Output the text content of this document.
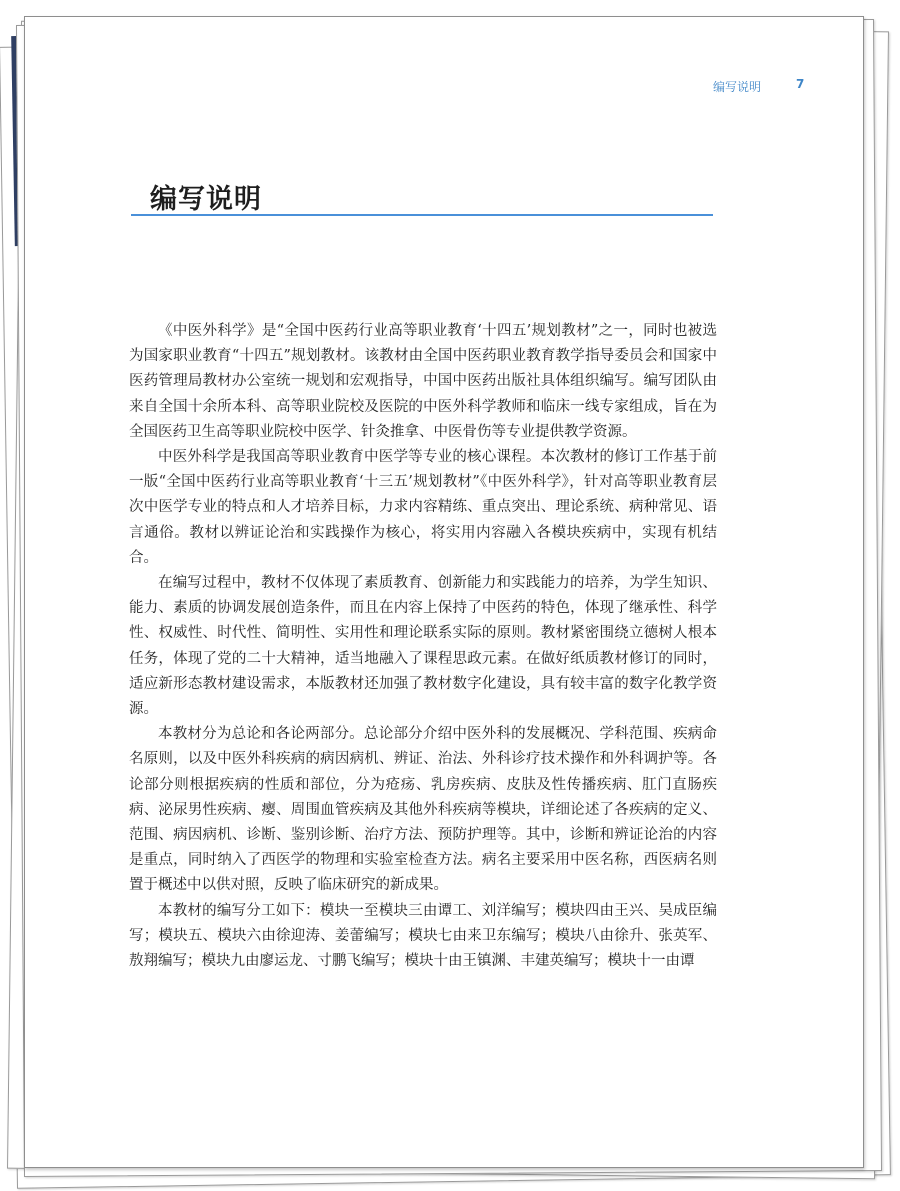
编写说明	7
编写说明

《中医外科学》是“全国中医药行业高等职业教育‘十四五’规划教材”之一，同时也被选为国家职业教育“十四五”规划教材。该教材由全国中医药职业教育教学指导委员会和国家中医药管理局教材办公室统一规划和宏观指导，中国中医药出版社具体组织编写。编写团队由来自全国十余所本科、高等职业院校及医院的中医外科学教师和临床一线专家组成，旨在为全国医药卫生高等职业院校中医学、针灸推拿、中医骨伤等专业提供教学资源。

中医外科学是我国高等职业教育中医学等专业的核心课程。本次教材的修订工作基于前一版“全国中医药行业高等职业教育‘十三五’规划教材”《中医外科学》，针对高等职业教育层次中医学专业的特点和人才培养目标，力求内容精练、重点突出、理论系统、病种常见、语言通俗。教材以辨证论治和实践操作为核心，将实用内容融入各模块疾病中，实现有机结合。

在编写过程中，教材不仅体现了素质教育、创新能力和实践能力的培养，为学生知识、能力、素质的协调发展创造条件，而且在内容上保持了中医药的特色，体现了继承性、科学性、权威性、时代性、简明性、实用性和理论联系实际的原则。教材紧密围绕立德树人根本任务，体现了党的二十大精神，适当地融入了课程思政元素。在做好纸质教材修订的同时，适应新形态教材建设需求，本版教材还加强了教材数字化建设，具有较丰富的数字化教学资源。

本教材分为总论和各论两部分。总论部分介绍中医外科的发展概况、学科范围、疾病命名原则，以及中医外科疾病的病因病机、辨证、治法、外科诊疗技术操作和外科调护等。各论部分则根据疾病的性质和部位，分为疮疡、乳房疾病、皮肤及性传播疾病、肛门直肠疾病、泌尿男性疾病、瘿、周围血管疾病及其他外科疾病等模块，详细论述了各疾病的定义、范围、病因病机、诊断、鉴别诊断、治疗方法、预防护理等。其中，诊断和辨证论治的内容是重点，同时纳入了西医学的物理和实验室检查方法。病名主要采用中医名称，西医病名则置于概述中以供对照，反映了临床研究的新成果。

本教材的编写分工如下：模块一至模块三由谭工、刘洋编写；模块四由王兴、吴成臣编写；模块五、模块六由徐迎涛、姜蕾编写；模块七由来卫东编写；模块八由徐升、张英军、敖翔编写；模块九由廖运龙、寸鹏飞编写；模块十由王镇渊、丰建英编写；模块十一由谭
